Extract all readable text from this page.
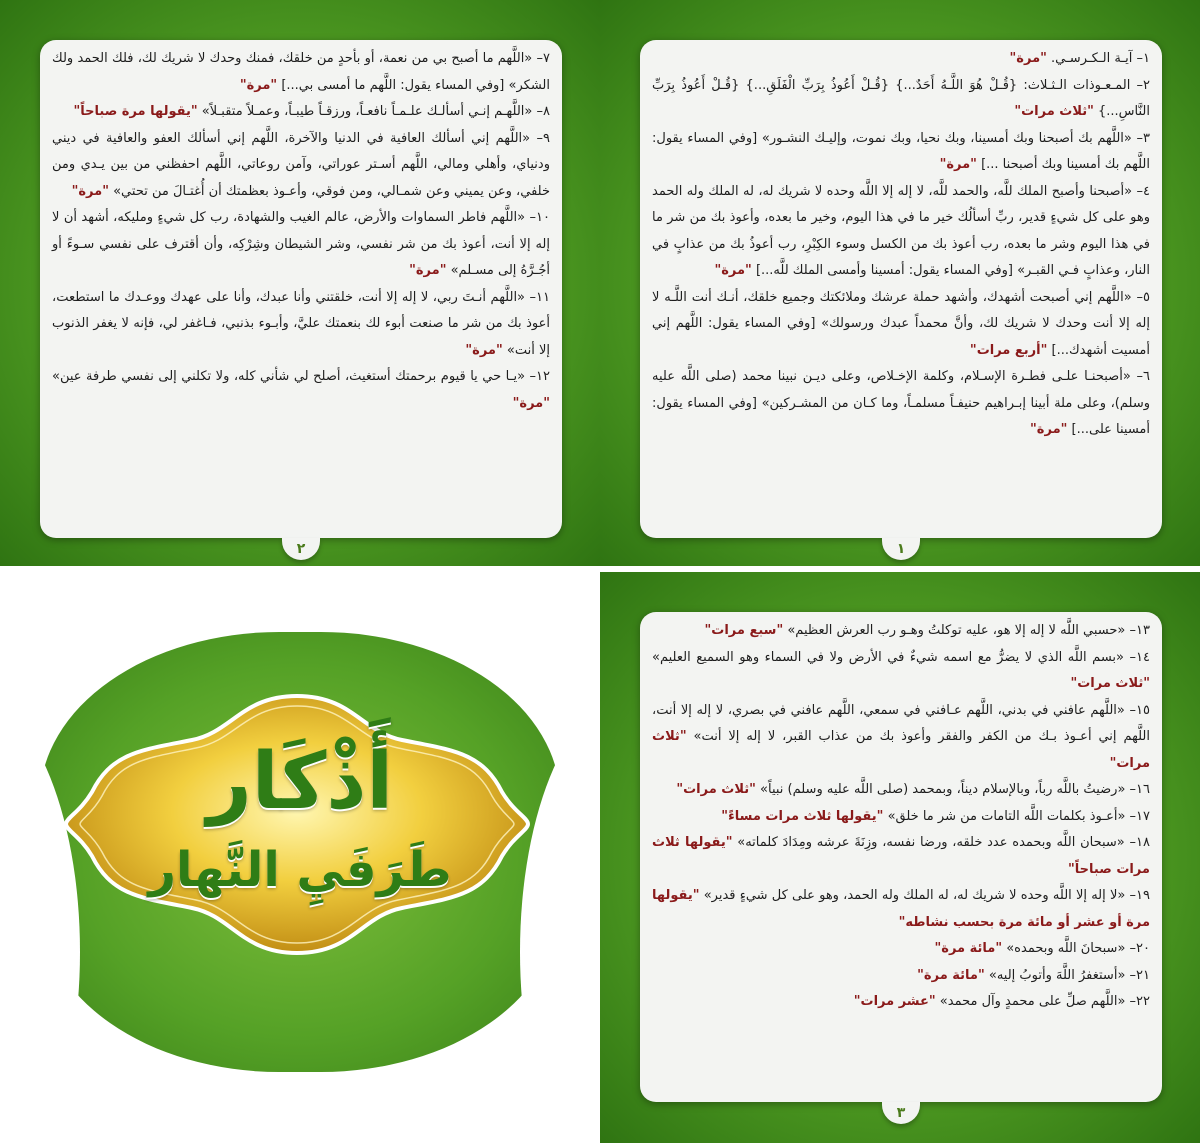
١– آيـة الـكـرسـي. "مرة"
٢– المـعـوذات الـثـلاث: {قُـلْ هُوَ اللَّـهُ أَحَدٌ...} {قُـلْ أَعُوذُ بِرَبِّ الْفَلَقِ...} {قُـلْ أَعُوذُ بِرَبِّ النَّاسِ...} "ثلاث مرات"
٣– «اللَّهم بك أصبحنا وبك أمسينا، وبك نحيا، وبك نموت، وإليـك النشـور» [وفي المساء يقول: اللَّهم بك أمسينا وبك أصبحنا ...] "مرة"
٤– «أصبحنا وأصبح الملك للَّه، والحمد للَّه، لا إله إلا اللَّه وحده لا شريك له، له الملك وله الحمد وهو على كل شيءٍ قدير، ربِّ أسألُك خير ما في هذا اليوم، وخير ما بعده، وأعوذ بك من شر ما في هذا اليوم وشر ما بعده، رب أعوذ بك من الكسل وسوء الكِبْرِ، رب أعوذُ بك من عذابٍ في النار، وعذابٍ فـي القبـر» [وفي المساء يقول: أمسينا وأمسى الملك للَّه...] "مرة"
٥– «اللَّهم إني أصبحت أشهدك، وأشهد حملة عرشك وملائكتك وجميع خلقك، أنـك أنت اللَّـه لا إله إلا أنت وحدك لا شريك لك، وأنَّ محمداً عبدك ورسولك» [وفي المساء يقول: اللَّهم إني أمسيت أشهدك...] "أربع مرات"
٦– «أصبحنـا علـى فطـرة الإسـلام، وكلمة الإخـلاص، وعلى ديـن نبينا محمد (صلى اللَّه عليه وسلم)، وعلى ملة أبينا إبـراهيم حنيفـاً مسلمـاً، وما كـان من المشـركين» [وفي المساء يقول: أمسينا على...] "مرة"
١
٧– «اللَّهم ما أصبح بي من نعمة، أو بأحدٍ من خلقك، فمنك وحدك لا شريك لك، فلك الحمد ولك الشكر» [وفي المساء يقول: اللَّهم ما أمسى بي...] "مرة"
٨– «اللَّهـم إنـي أسألـك علـمـاً نافعـاً، ورزقـاً طيبـاً، وعمـلاً متقبـلاً» "يقولها مرة صباحاً"
٩– «اللَّهم إني أسألك العافية في الدنيا والآخرة، اللَّهم إني أسألك العفو والعافية في ديني ودنياي، وأهلي ومالي، اللَّهم أسـتر عوراتي، وآمن روعاتي، اللَّهم احفظني من بين يـدي ومن خلفي، وعن يميني وعن شمـالي، ومن فوقي، وأعـوذ بعظمتك أن أُغتـالَ من تحتي» "مرة"
١٠– «اللَّهم فاطر السماوات والأرض، عالم الغيب والشهادة، رب كل شيءٍ ومليكه، أشهد أن لا إله إلا أنت، أعوذ بك من شر نفسي، وشر الشيطان وشِرْكِه، وأن أقترف على نفسي سـوءً أو أجُـرَّهُ إلى مسـلم» "مرة"
١١– «اللَّهم أنـتَ ربي، لا إله إلا أنت، خلقتني وأنا عبدك، وأنا على عهدك ووعـدك ما استطعت، أعوذ بك من شر ما صنعت أبوء لك بنعمتك عليَّ، وأبـوء بذنبي، فـاغفر لي، فإنه لا يغفر الذنوب إلا أنت» "مرة"
١٢– «يـا حي يا قيوم برحمتك أستغيث، أصلح لي شأني كله، ولا تكلني إلى نفسي طرفة عين» "مرة"
٢
١٣– «حسبي اللَّه لا إله إلا هو، عليه توكلتُ وهـو رب العرش العظيم» "سبع مرات"
١٤– «بسم اللَّه الذي لا يضرُّ مع اسمه شيءٌ في الأرض ولا في السماء وهو السميع العليم» "ثلاث مرات"
١٥– «اللَّهم عافني في بدني، اللَّهم عـافني في سمعي، اللَّهم عافني في بصري، لا إله إلا أنت، اللَّهم إني أعـوذ بـك من الكفر والفقر وأعوذ بك من عذاب القبر، لا إله إلا أنت» "ثلاث مرات"
١٦– «رضيتُ باللَّه رباً، وبالإسلام ديناً، وبمحمد (صلى اللَّه عليه وسلم) نبياً» "ثلاث مرات"
١٧– «أعـوذ بكلمات اللَّه التامات من شر ما خلق» "يقولها ثلاث مرات مساءً"
١٨– «سبحان اللَّه وبحمده عدد خلقه، ورضا نفسه، وزِنَةَ عرشه ومِدَادَ كلماته» "يقولها ثلاث مرات صباحاً"
١٩– «لا إله إلا اللَّه وحده لا شريك له، له الملك وله الحمد، وهو على كل شيءٍ قدير» "يقولها مرة أو عشر أو مائة مرة بحسب نشاطه"
٢٠– «سبحانَ اللَّه وبحمده» "مائة مرة"
٢١– «أستغفرُ اللَّهَ وأتوبُ إليه» "مائة مرة"
٢٢– «اللَّهم صلِّ على محمدٍ وآل محمد» "عشر مرات"
٣
أَذْكَار
طَرَفَيِ النَّهار
